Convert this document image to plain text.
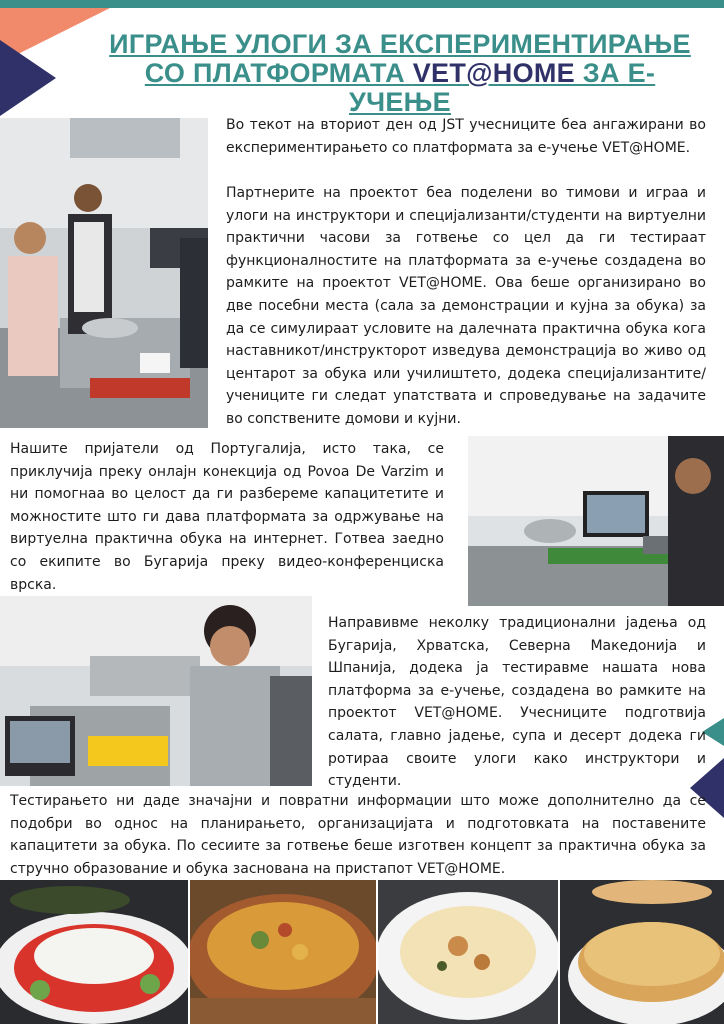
ИГРАЊЕ УЛОГИ ЗА ЕКСПЕРИМЕНТИРАЊЕ
СО ПЛАТФОРМАТА VET@HOME ЗА Е-
УЧЕЊЕ

Во текот на вториот ден од JST учесниците беа ангажирани во експериментирањето со платформата за е-учење VET@HOME.

Партнерите на проектот беа поделени во тимови и играа и улоги на инструктори и специјализанти/студенти на виртуелни практични часови за готвење со цел да ги тестираат функционалностите на платформата за е-учење создадена во рамките на проектот VET@HOME. Ова беше организирано во две посебни места (сала за демонстрации и кујна за обука) за да се симулираат условите на далечната практична обука кога наставникот/инструкторот изведува демонстрација во живо од центарот за обука или училиштето, додека специјализантите/учениците ги следат упатствата и спроведување на задачите во сопствените домови и кујни.

Нашите пријатели од Португалија, исто така, се приклучија преку онлајн конекција од Povoa De Varzim и ни помогнаа во целост да ги разбереме капацитетите и можностите што ги дава платформата за одржување на виртуелна практична обука на интернет. Готвеа заедно со екипите во Бугарија преку видео-конференциска врска.

Направивме неколку традиционални јадења од Бугарија, Хрватска, Северна Македонија и Шпанија, додека ја тестиравме нашата нова платформа за е-учење, создадена во рамките на проектот VET@HOME. Учесниците подготвија салата, главно јадење, супа и десерт додека ги ротираа своите улоги како инструктори и студенти.

Тестирањето ни даде значајни и повратни информации што може дополнително да се подобри во однос на планирањето, организацијата и подготовката на поставените капацитети за обука. По сесиите за готвење беше изготвен концепт за практична обука за стручно образование и обука заснована на пристапот VET@HOME.
